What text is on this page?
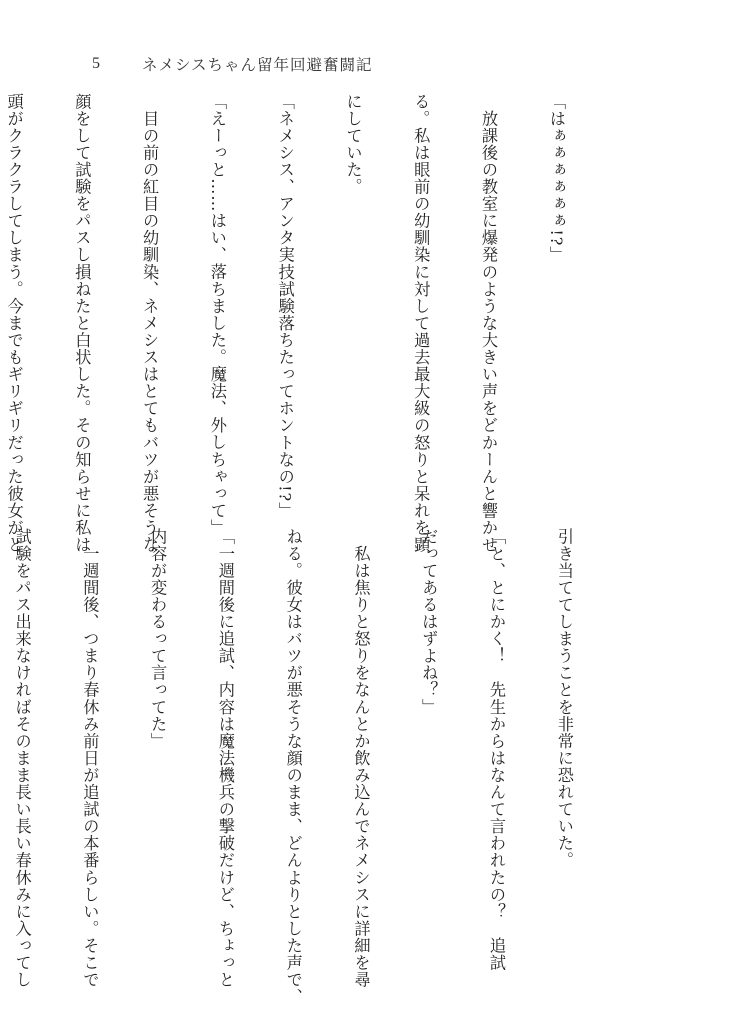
5	ネメシスちゃん留年回避奮闘記

「はぁぁぁぁぁぁ!?」

　放課後の教室に爆発のような大きい声をどかーんと響かせ

る。私は眼前の幼馴染に対して過去最大級の怒りと呆れを顕

にしていた。

「ネメシス、アンタ実技試験落ちたってホントなの!?」

「えーっと……はい、落ちました。魔法、外しちゃって」

　目の前の紅目の幼馴染、ネメシスはとてもバツが悪そうな

顔をして試験をパスし損ねたと白状した。その知らせに私は

頭がクラクラしてしまう。今までもギリギリだった彼女がと

引き当ててしまうことを非常に恐れていた。

「と、とにかく！　先生からはなんて言われたの？　追試

だってあるはずよね？」

　私は焦りと怒りをなんとか飲み込んでネメシスに詳細を尋

ねる。彼女はバツが悪そうな顔のまま、どんよりとした声で、

「一週間後に追試、内容は魔法機兵の撃破だけど、ちょっと

内容が変わるって言ってた」

　一週間後、つまり春休み前日が追試の本番らしい。そこで

試験をパス出来なければそのまま長い長い春休みに入ってし
